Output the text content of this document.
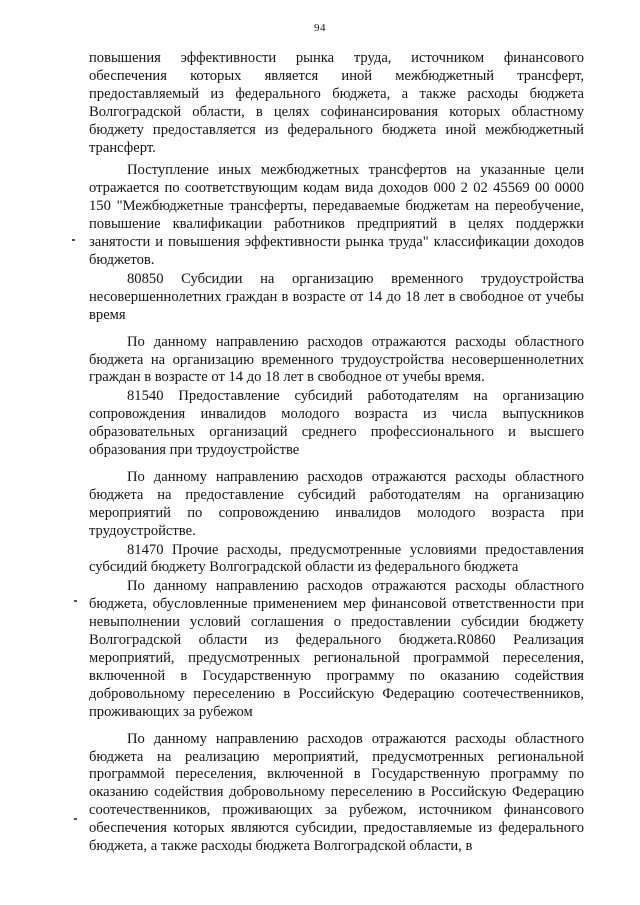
94

повышения эффективности рынка труда, источником финансового обеспечения которых является иной межбюджетный трансферт, предоставляемый из федерального бюджета, а также расходы бюджета Волгоградской области, в целях софинансирования которых областному бюджету предоставляется из федерального бюджета иной межбюджетный трансферт.

Поступление иных межбюджетных трансфертов на указанные цели отражается по соответствующим кодам вида доходов 000 2 02 45569 00 0000 150 "Межбюджетные трансферты, передаваемые бюджетам на переобучение, повышение квалификации работников предприятий в целях поддержки занятости и повышения эффективности рынка труда" классификации доходов бюджетов.

80850 Субсидии на организацию временного трудоустройства несовершеннолетних граждан в возрасте от 14 до 18 лет в свободное от учебы время

По данному направлению расходов отражаются расходы областного бюджета на организацию временного трудоустройства несовершеннолетних граждан в возрасте от 14 до 18 лет в свободное от учебы время.

81540 Предоставление субсидий работодателям на организацию сопровождения инвалидов молодого возраста из числа выпускников образовательных организаций среднего профессионального и высшего образования при трудоустройстве

По данному направлению расходов отражаются расходы областного бюджета на предоставление субсидий работодателям на организацию мероприятий по сопровождению инвалидов молодого возраста при трудоустройстве.

81470 Прочие расходы, предусмотренные условиями предоставления субсидий бюджету Волгоградской области из федерального бюджета

По данному направлению расходов отражаются расходы областного бюджета, обусловленные применением мер финансовой ответственности при невыполнении условий соглашения о предоставлении субсидии бюджету Волгоградской области из федерального бюджета.R0860 Реализация мероприятий, предусмотренных региональной программой переселения, включенной в Государственную программу по оказанию содействия добровольному переселению в Российскую Федерацию соотечественников, проживающих за рубежом

По данному направлению расходов отражаются расходы областного бюджета на реализацию мероприятий, предусмотренных региональной программой переселения, включенной в Государственную программу по оказанию содействия добровольному переселению в Российскую Федерацию соотечественников, проживающих за рубежом, источником финансового обеспечения которых являются субсидии, предоставляемые из федерального бюджета, а также расходы бюджета Волгоградской области, в
